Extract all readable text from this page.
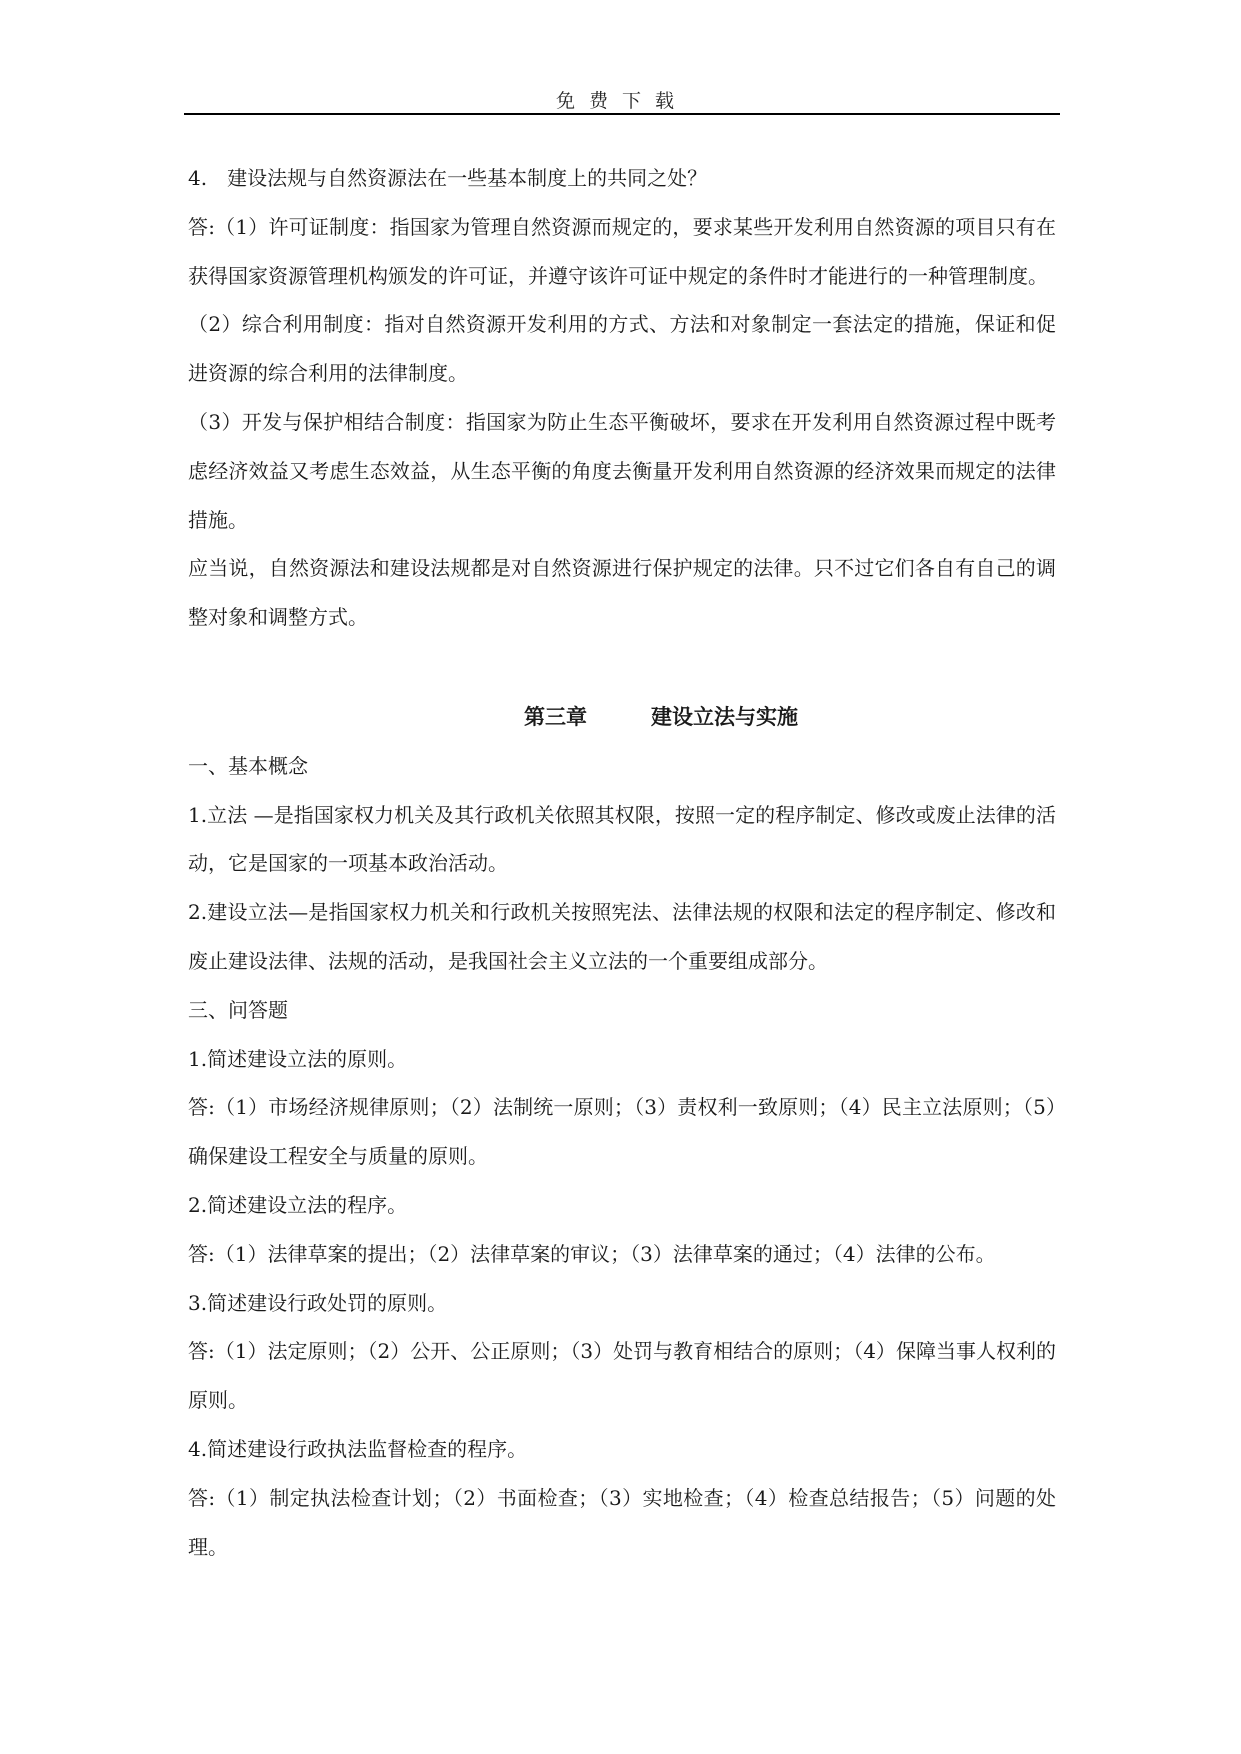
免费下载

4.　建设法规与自然资源法在一些基本制度上的共同之处？

答:（1）许可证制度：指国家为管理自然资源而规定的，要求某些开发利用自然资源的项目只有在获得国家资源管理机构颁发的许可证，并遵守该许可证中规定的条件时才能进行的一种管理制度。

（2）综合利用制度：指对自然资源开发利用的方式、方法和对象制定一套法定的措施，保证和促进资源的综合利用的法律制度。

（3）开发与保护相结合制度：指国家为防止生态平衡破坏，要求在开发利用自然资源过程中既考虑经济效益又考虑生态效益，从生态平衡的角度去衡量开发利用自然资源的经济效果而规定的法律措施。

应当说，自然资源法和建设法规都是对自然资源进行保护规定的法律。只不过它们各自有自己的调整对象和调整方式。

第三章	建设立法与实施

一、基本概念

1.立法 —是指国家权力机关及其行政机关依照其权限，按照一定的程序制定、修改或废止法律的活动，它是国家的一项基本政治活动。

2.建设立法—是指国家权力机关和行政机关按照宪法、法律法规的权限和法定的程序制定、修改和废止建设法律、法规的活动，是我国社会主义立法的一个重要组成部分。

三、问答题

1.简述建设立法的原则。

答:（1）市场经济规律原则；（2）法制统一原则；（3）责权利一致原则；（4）民主立法原则；（5）确保建设工程安全与质量的原则。

2.简述建设立法的程序。

答:（1）法律草案的提出；（2）法律草案的审议；（3）法律草案的通过；（4）法律的公布。

3.简述建设行政处罚的原则。

答:（1）法定原则；（2）公开、公正原则；（3）处罚与教育相结合的原则；（4）保障当事人权利的原则。

4.简述建设行政执法监督检查的程序。

答:（1）制定执法检查计划；（2）书面检查；（3）实地检查；（4）检查总结报告；（5）问题的处理。
